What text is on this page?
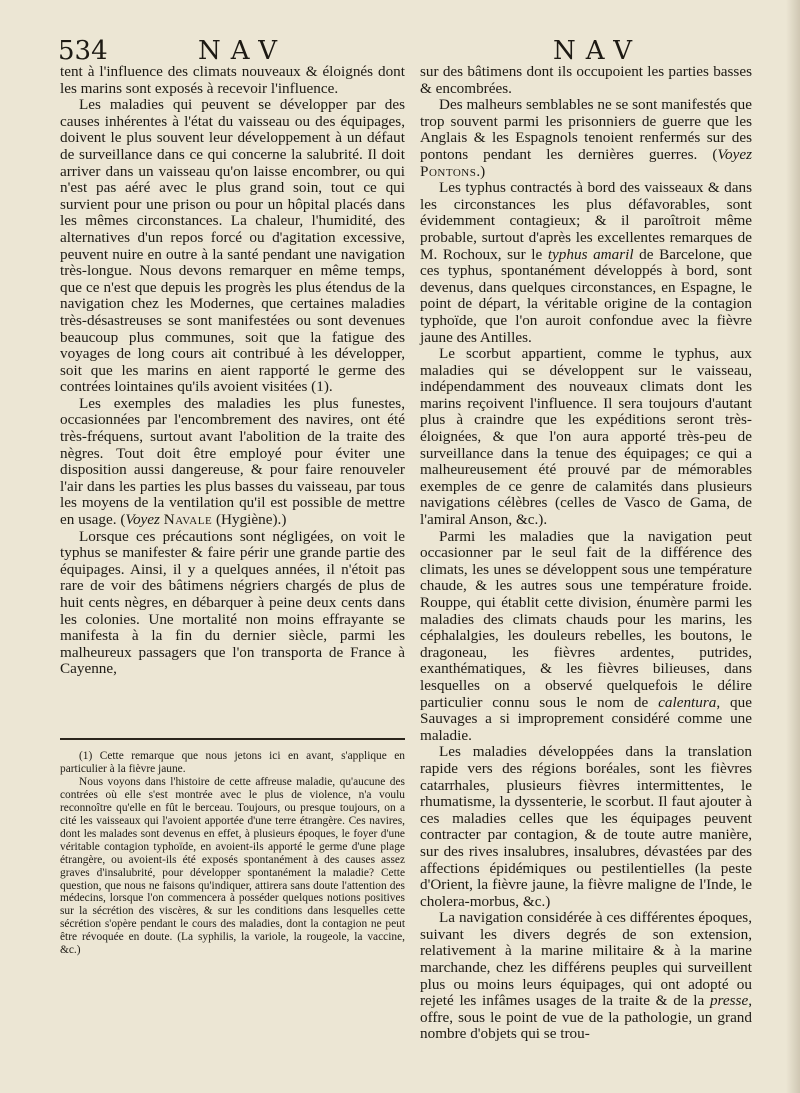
534	NAV	NAV

tent à l'influence des climats nouveaux & éloignés dont les marins sont exposés à recevoir l'influence.

Les maladies qui peuvent se développer par des causes inhérentes à l'état du vaisseau ou des équipages, doivent le plus souvent leur développement à un défaut de surveillance dans ce qui concerne la salubrité. Il doit arriver dans un vaisseau qu'on laisse encombrer, ou qui n'est pas aéré avec le plus grand soin, tout ce qui survient pour une prison ou pour un hôpital placés dans les mêmes circonstances. La chaleur, l'humidité, des alternatives d'un repos forcé ou d'agitation excessive, peuvent nuire en outre à la santé pendant une navigation très-longue. Nous devons remarquer en même temps, que ce n'est que depuis les progrès les plus étendus de la navigation chez les Modernes, que certaines maladies très-désastreuses se sont manifestées ou sont devenues beaucoup plus communes, soit que la fatigue des voyages de long cours ait contribué à les développer, soit que les marins en aient rapporté le germe des contrées lointaines qu'ils avoient visitées (1).

Les exemples des maladies les plus funestes, occasionnées par l'encombrement des navires, ont été très-fréquens, surtout avant l'abolition de la traite des nègres. Tout doit être employé pour éviter une disposition aussi dangereuse, & pour faire renouveler l'air dans les parties les plus basses du vaisseau, par tous les moyens de la ventilation qu'il est possible de mettre en usage. (Voyez Navale (Hygiène).)

Lorsque ces précautions sont négligées, on voit le typhus se manifester & faire périr une grande partie des équipages. Ainsi, il y a quelques années, il n'étoit pas rare de voir des bâtimens négriers chargés de plus de huit cents nègres, en débarquer à peine deux cents dans les colonies. Une mortalité non moins effrayante se manifesta à la fin du dernier siècle, parmi les malheureux passagers que l'on transporta de France à Cayenne,

sur des bâtimens dont ils occupoient les parties basses & encombrées.

Des malheurs semblables ne se sont manifestés que trop souvent parmi les prisonniers de guerre que les Anglais & les Espagnols tenoient renfermés sur des pontons pendant les dernières guerres. (Voyez Pontons.)

Les typhus contractés à bord des vaisseaux & dans les circonstances les plus défavorables, sont évidemment contagieux; & il paroîtroit même probable, surtout d'après les excellentes remarques de M. Rochoux, sur le typhus amaril de Barcelone, que ces typhus, spontanément développés à bord, sont devenus, dans quelques circonstances, en Espagne, le point de départ, la véritable origine de la contagion typhoïde, que l'on auroit confondue avec la fièvre jaune des Antilles.

Le scorbut appartient, comme le typhus, aux maladies qui se développent sur le vaisseau, indépendamment des nouveaux climats dont les marins reçoivent l'influence. Il sera toujours d'autant plus à craindre que les expéditions seront très-éloignées, & que l'on aura apporté très-peu de surveillance dans la tenue des équipages; ce qui a malheureusement été prouvé par de mémorables exemples de ce genre de calamités dans plusieurs navigations célèbres (celles de Vasco de Gama, de l'amiral Anson, &c.).

Parmi les maladies que la navigation peut occasionner par le seul fait de la différence des climats, les unes se développent sous une température chaude, & les autres sous une température froide. Rouppe, qui établit cette division, énumère parmi les maladies des climats chauds pour les marins, les céphalalgies, les douleurs rebelles, les boutons, le dragoneau, les fièvres ardentes, putrides, exanthématiques, & les fièvres bilieuses, dans lesquelles on a observé quelquefois le délire particulier connu sous le nom de calentura, que Sauvages a si improprement considéré comme une maladie.

Les maladies développées dans la translation rapide vers des régions boréales, sont les fièvres catarrhales, plusieurs fièvres intermittentes, le rhumatisme, la dyssenterie, le scorbut. Il faut ajouter à ces maladies celles que les équipages peuvent contracter par contagion, & de toute autre manière, sur des rives insalubres, insalubres, dévastées par des affections épidémiques ou pestilentielles (la peste d'Orient, la fièvre jaune, la fièvre maligne de l'Inde, le cholera-morbus, &c.)

La navigation considérée à ces différentes époques, suivant les divers degrés de son extension, relativement à la marine militaire & à la marine marchande, chez les différens peuples qui surveillent plus ou moins leurs équipages, qui ont adopté ou rejeté les infâmes usages de la traite & de la presse, offre, sous le point de vue de la pathologie, un grand nombre d'objets qui se trou-

(1) Cette remarque que nous jetons ici en avant, s'applique en particulier à la fièvre jaune.

Nous voyons dans l'histoire de cette affreuse maladie, qu'aucune des contrées où elle s'est montrée avec le plus de violence, n'a voulu reconnoître qu'elle en fût le berceau. Toujours, ou presque toujours, on a cité les vaisseaux qui l'avoient apportée d'une terre étrangère. Ces navires, dont les malades sont devenus en effet, à plusieurs époques, le foyer d'une véritable contagion typhoïde, en avoient-ils apporté le germe d'une plage étrangère, ou avoient-ils été exposés spontanément à des causes assez graves d'insalubrité, pour développer spontanément la maladie? Cette question, que nous ne faisons qu'indiquer, attirera sans doute l'attention des médecins, lorsque l'on commencera à posséder quelques notions positives sur la sécrétion des viscères, & sur les conditions dans lesquelles cette sécrétion s'opère pendant le cours des maladies, dont la contagion ne peut être révoquée en doute. (La syphilis, la variole, la rougeole, la vaccine, &c.)
